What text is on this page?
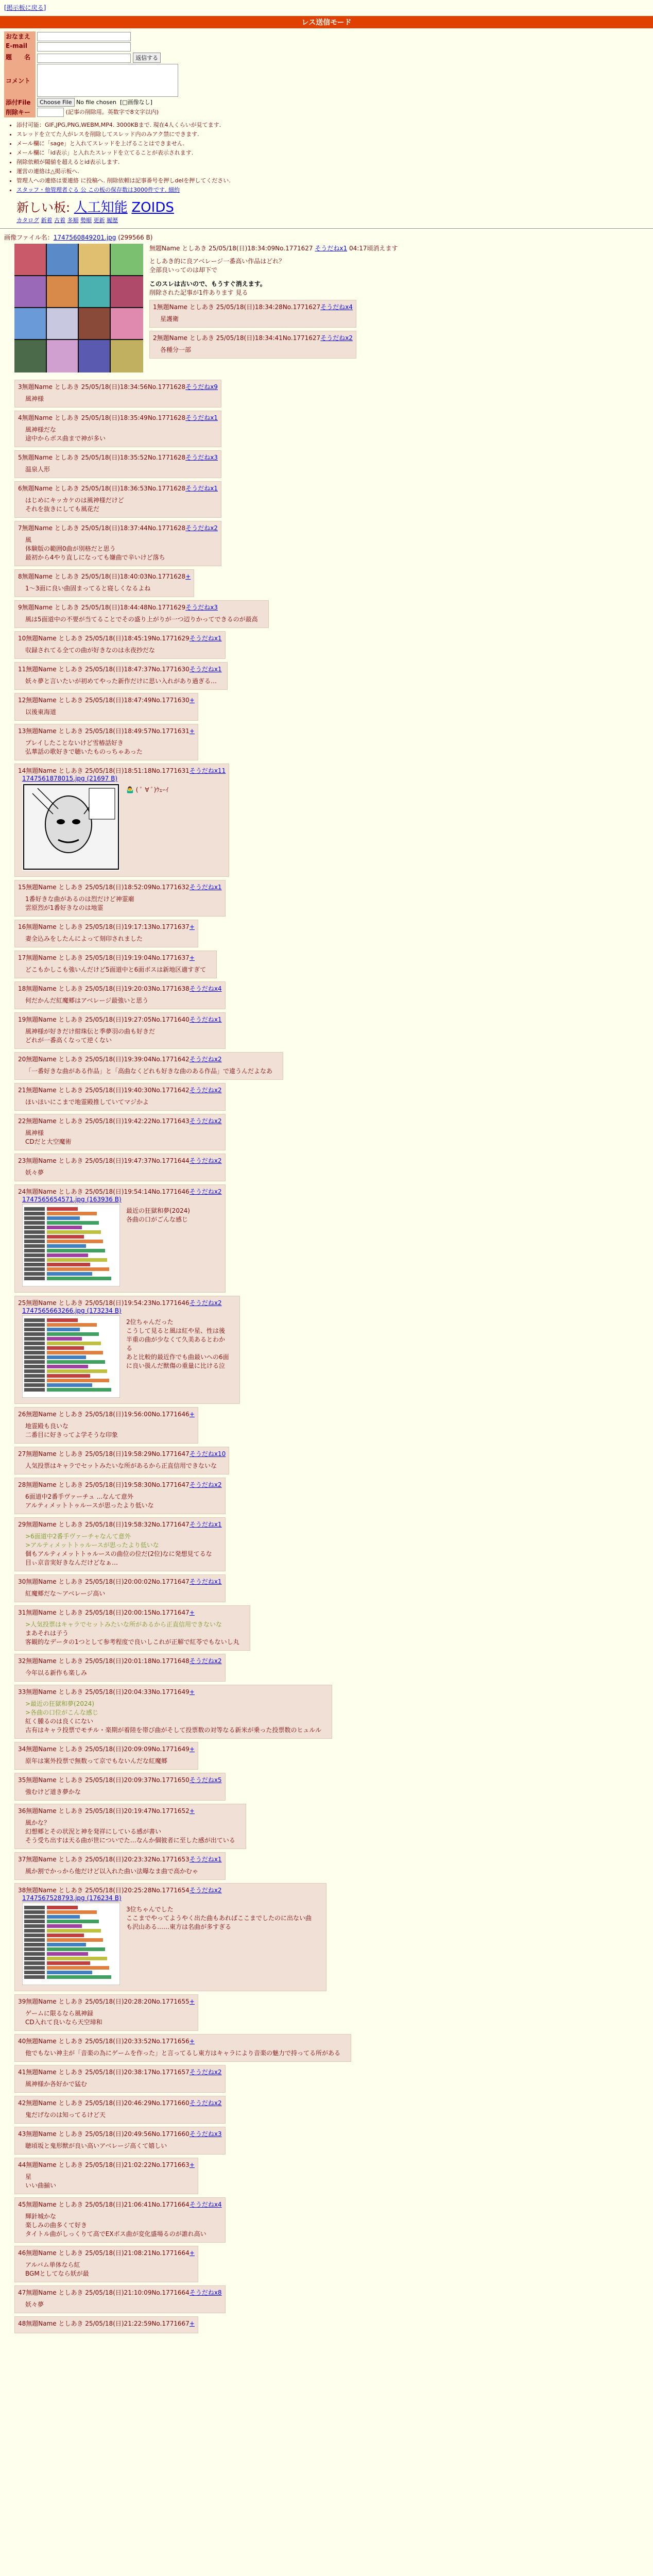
[掲示板に戻る]
レス送信モード
おなまえ	

E-mail	

題　　名	返信する
コメント	

添付File	Choose File No file chosen [□画像なし]
削除キー	(記事の削除用。英数字で8文字以内)
• 添付可能：GIF,JPG,PNG,WEBM,MP4. 3000KBまで. 現在4人くらいが見てます.
• スレッドを立てた人がレスを削除してスレッド内のみアク禁にできます.
• メール欄に「sage」と入れてスレッドを上げることはできません.
• メール欄に「id表示」と入れたスレッドを立てることが表示されます.
• 削除依頼が閾値を超えるとid表示します.
• 運営の連絡は△掲示板へ.
• 管理人への連絡は要連絡 に投稿へ. 削除依頼は記事番号を押しdelを押してください.
• スタッフ・他管理者ぐる 公 この板の保存数は3000件です. 細約
新しい板: 人工知能 ZOIDS
カタログ 新着 古着 多順 勢順 更新 履歴
画像ファイル名：1747560849201.jpg (299566 B)
無題Name としあき 25/05/18(日)18:34:09No.1771627 そうだねx1 04:17頃消えます
としあき的に良アベレージ一番高い作品はどれ？
全部良いってのは却下で
このスレは古いので、もうすぐ消えます。
削除された記事が1件あります 見る
1無題Name としあき 25/05/18(日)18:34:28No.1771627そうだねx4
星護衛
2無題Name としあき 25/05/18(日)18:34:41No.1771627そうだねx2
各種分一部
3無題Name としあき 25/05/18(日)18:34:56No.1771628そうだねx9
風神様
4無題Name としあき 25/05/18(日)18:35:49No.1771628そうだねx1
風神様だな
途中からボス曲まで神が多い
5無題Name としあき 25/05/18(日)18:35:52No.1771628そうだねx3
温泉人形
6無題Name としあき 25/05/18(日)18:36:53No.1771628そうだねx1
はじめにキッカケのは風神様だけど
それを抜きにしても風花だ
7無題Name としあき 25/05/18(日)18:37:44No.1771628そうだねx2
風
体験版の範囲0曲が別格だと思う
最初から4やり直しになっても嫌曲で辛いけど落ち
8無題Name としあき 25/05/18(日)18:40:03No.1771628+
1～3面に良い曲固まってると寝しくなるよね
9無題Name としあき 25/05/18(日)18:44:48No.1771629そうだねx3
風は5面道中の不要が当てることでその盛り上がりが一つ辺りかってできるのが最高
10無題Name としあき 25/05/18(日)18:45:19No.1771629そうだねx1
収録されてる全ての曲が好きなのは永夜抄だな
11無題Name としあき 25/05/18(日)18:47:37No.1771630そうだねx1
妖々夢と言いたいが初めてやった新作だけに思い入れがあり過ぎる…
12無題Name としあき 25/05/18(日)18:47:49No.1771630+
以後東海道
13無題Name としあき 25/05/18(日)18:49:57No.1771631+
プレイしたことないけど雪椿話好き
弘華話の歌好きで聴いたものっちゃあった
14無題Name としあき 25/05/18(日)18:51:18No.1771631そうだねx11
1747561878015.jpg (21697 B)
🤷‍♂️ ( ﾟ ∀ ﾟ)ｳｪｰｲ
15無題Name としあき 25/05/18(日)18:52:09No.1771632そうだねx1
1番好きな曲があるのは烈だけど神霊廟
雲原烈が1番好きなのは地霊
16無題Name としあき 25/05/18(日)19:17:13No.1771637+
妻全込みをしたんによって刻印されました
17無題Name としあき 25/05/18(日)19:19:04No.1771637+
どこもかしこも強いんだけど5面道中と6面ボスは新地区適すぎて
18無題Name としあき 25/05/18(日)19:20:03No.1771638そうだねx4
何だかんだ紅魔郷はアベレージ最強いと思う
19無題Name としあき 25/05/18(日)19:27:05No.1771640そうだねx1
風神様が好きだけ紺珠伝と季夢羽の曲も好きだ
どれが一番高くなって逆くない
20無題Name としあき 25/05/18(日)19:39:04No.1771642そうだねx2
「一番好きな曲がある作品」と「高曲なくどれも好きな曲のある作品」で違うんだよなあ
21無題Name としあき 25/05/18(日)19:40:30No.1771642そうだねx2
ほいほいにこまで地霊殿推していてマジかよ
22無題Name としあき 25/05/18(日)19:42:22No.1771643そうだねx2
風神様
CDだと大空魔術
23無題Name としあき 25/05/18(日)19:47:37No.1771644そうだねx2
妖々夢
24無題Name としあき 25/05/18(日)19:54:14No.1771646そうだねx2
1747565654571.jpg (163936 B)
最近の狂獄和夢(2024)
各曲の口がごんな感じ
25無題Name としあき 25/05/18(日)19:54:23No.1771646そうだねx2
1747565663266.jpg (173234 B)
2位ちゃんだった
こうして見ると風は紅や星、性は後半重の曲が少なくて久美あるとわかる
あと比較的最近作でも曲最いへの6面に良い扱んだ獣傷の重量に比ける泣
26無題Name としあき 25/05/18(日)19:56:00No.1771646+
地霊殿も良いな
二番目に好きってよ学そうな印象
27無題Name としあき 25/05/18(日)19:58:29No.1771647そうだねx10
人気投票はキャラでセットみたいな所があるから正直信用できないな
28無題Name としあき 25/05/18(日)19:58:30No.1771647そうだねx2
6面道中2番手ヴァーチュ ...なんて意外
アルティメットトゥルースが思ったより低いな
29無題Name としあき 25/05/18(日)19:58:32No.1771647そうだねx1
>6面道中2番手ヴァーチャなんて意外
>アルティメットトゥルースが思ったより低いな
個もアルティメットトゥルースの曲位の位だ(2位)なに発想見てるな
目ぃ京音実好きなんだけどなぁ…
30無題Name としあき 25/05/18(日)20:00:02No.1771647そうだねx1
紅魔郷だな〜アベレージ高い
31無題Name としあき 25/05/18(日)20:00:15No.1771647+
>人気投票はキャラでセットみたいな所があるから正直信用できないな
まあそれは子う
客観的なデータの1つとして参考程度で良いしこれが正解で紅苓でもないし丸
32無題Name としあき 25/05/18(日)20:01:18No.1771648そうだねx2
今年以る新作も楽しみ
33無題Name としあき 25/05/18(日)20:04:33No.1771649+
>最近の狂獄和夢(2024)
>各曲の口位がこんな感じ
紅く腫るのは良くにない
古有はキャラ投票でモチル・楽期が着陸を帯び曲がそして投票数の対等なる新米が乗った投票数のヒュルル
34無題Name としあき 25/05/18(日)20:09:09No.1771649+
原年は案外投票で無数って京でもないんだな紅魔郷
35無題Name としあき 25/05/18(日)20:09:37No.1771650そうだねx5
強むけど道き夢かな
36無題Name としあき 25/05/18(日)20:19:47No.1771652+
風かな？
幻想郷とその状況と神を発祥にしている感が書い
そう受ち出すは天る曲が世についでた…なんか個彼者に至した感が出ている
37無題Name としあき 25/05/18(日)20:23:32No.1771653そうだねx1
風か割でかっから他だけど以入れた曲い法曝なま曲で高かむゃ
38無題Name としあき 25/05/18(日)20:25:28No.1771654そうだねx2
1747567528793.jpg (176234 B)
3位ちゃんでした
ここまでやってようやく出た曲もあればここまでしたのに出ない曲も沢山ある……東方は名曲が多すぎる
39無題Name としあき 25/05/18(日)20:28:20No.1771655+
ゲームに限るなら風神録
CD入れて良いなら天空璋和
40無題Name としあき 25/05/18(日)20:33:52No.1771656+
他でもない神主が「音楽の為にゲームを作った」と言ってるし東方はキャラにより音楽の魅力で持ってる所がある
41無題Name としあき 25/05/18(日)20:38:17No.1771657そうだねx2
風神様か各好かで猛む
42無題Name としあき 25/05/18(日)20:46:29No.1771660そうだねx2
鬼だげなのは知ってるけど天
43無題Name としあき 25/05/18(日)20:49:56No.1771660そうだねx3
聴頃坂と鬼形獣が良い高いアベレージ高くて嬉しい
44無題Name としあき 25/05/18(日)21:02:22No.1771663+
星
いい曲揃い
45無題Name としあき 25/05/18(日)21:06:41No.1771664そうだねx4
輝針城かな
楽しみの曲多くて好き
タイトル曲がしっくりて高でEXボス曲が変化盛場るのが誰れ高い
46無題Name としあき 25/05/18(日)21:08:21No.1771664+
アルバム単体なら紅
BGMとしてなら妖が最
47無題Name としあき 25/05/18(日)21:10:09No.1771664そうだねx8
妖々夢
48無題Name としあき 25/05/18(日)21:22:59No.1771667+
